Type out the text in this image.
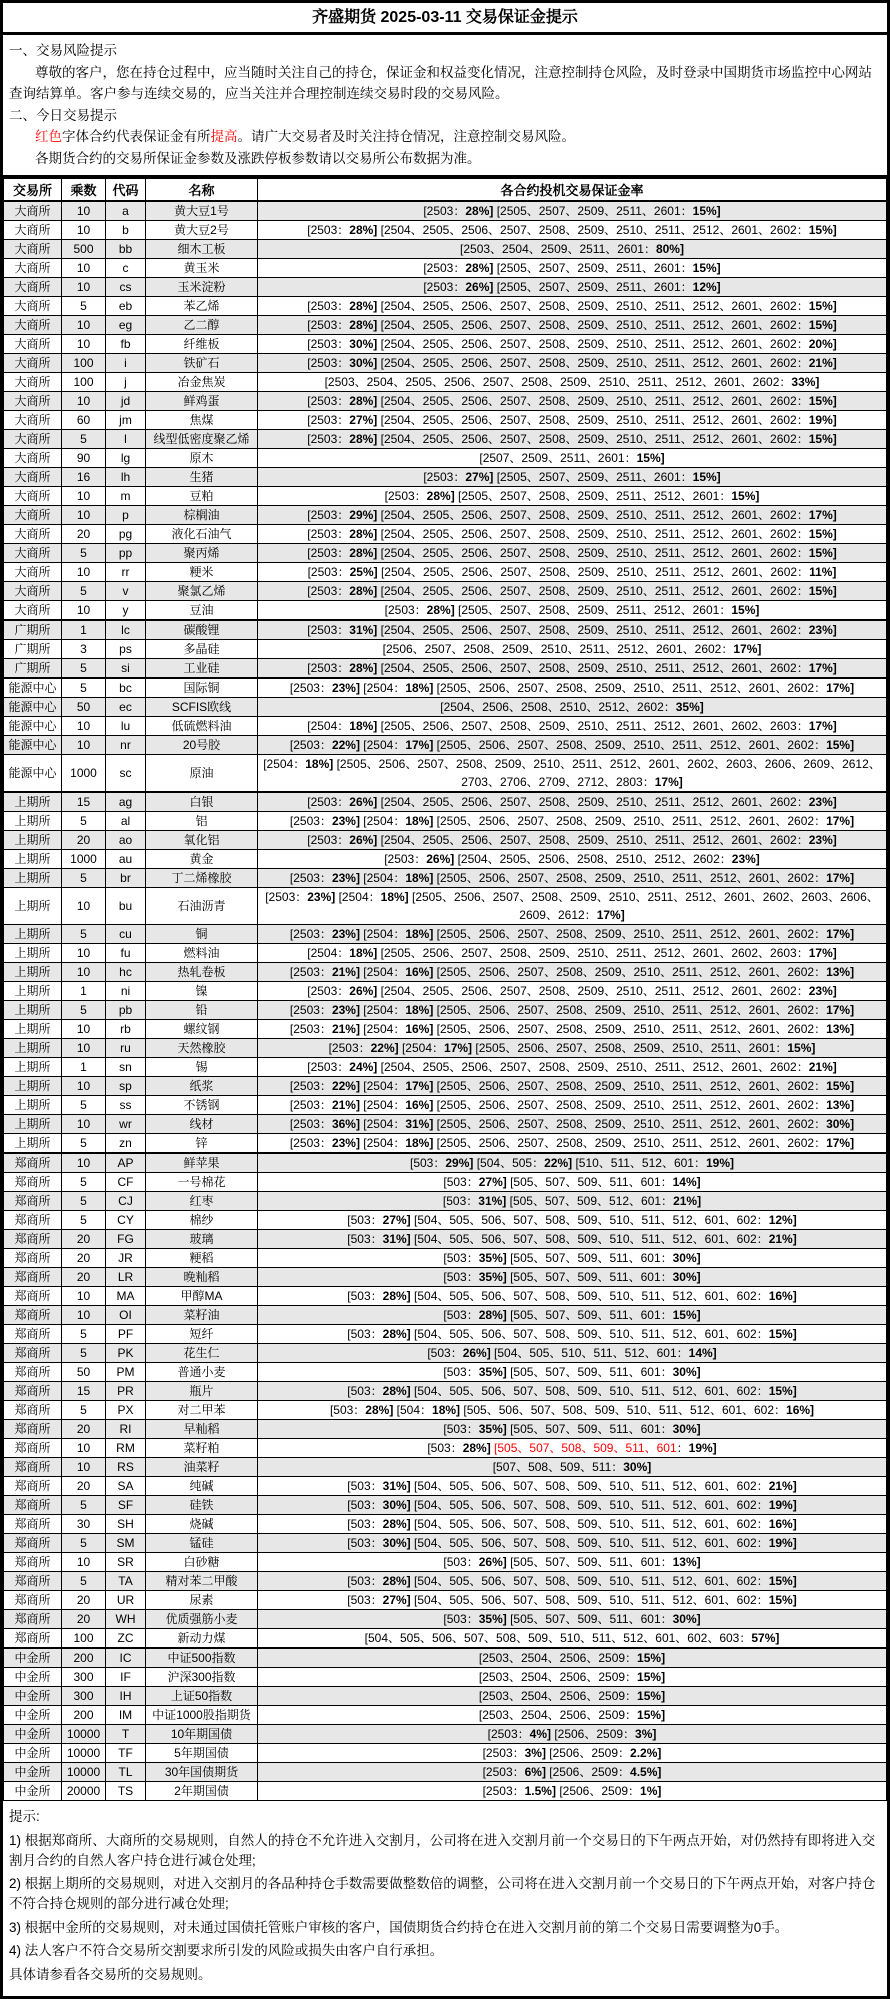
齐盛期货 2025-03-11 交易保证金提示

一、交易风险提示

尊敬的客户，您在持仓过程中，应当随时关注自己的持仓，保证金和权益变化情况，注意控制持仓风险，及时登录中国期货市场监控中心网站查询结算单。客户参与连续交易的，应当关注并合理控制连续交易时段的交易风险。

二、今日交易提示

红色字体合约代表保证金有所提高。请广大交易者及时关注持仓情况，注意控制交易风险。

各期货合约的交易所保证金参数及涨跌停板参数请以交易所公布数据为准。

交易所	乘数	代码	名称	各合约投机交易保证金率
大商所	10	a	黄大豆1号	[2503：28%] [2505、2507、2509、2511、2601：15%]
大商所	10	b	黄大豆2号	[2503：28%] [2504、2505、2506、2507、2508、2509、2510、2511、2512、2601、2602：15%]
大商所	500	bb	细木工板	[2503、2504、2509、2511、2601：80%]
大商所	10	c	黄玉米	[2503：28%] [2505、2507、2509、2511、2601：15%]
大商所	10	cs	玉米淀粉	[2503：26%] [2505、2507、2509、2511、2601：12%]
大商所	5	eb	苯乙烯	[2503：28%] [2504、2505、2506、2507、2508、2509、2510、2511、2512、2601、2602：15%]
大商所	10	eg	乙二醇	[2503：28%] [2504、2505、2506、2507、2508、2509、2510、2511、2512、2601、2602：15%]
大商所	10	fb	纤维板	[2503：30%] [2504、2505、2506、2507、2508、2509、2510、2511、2512、2601、2602：20%]
大商所	100	i	铁矿石	[2503：30%] [2504、2505、2506、2507、2508、2509、2510、2511、2512、2601、2602：21%]
大商所	100	j	冶金焦炭	[2503、2504、2505、2506、2507、2508、2509、2510、2511、2512、2601、2602：33%]
大商所	10	jd	鲜鸡蛋	[2503：28%] [2504、2505、2506、2507、2508、2509、2510、2511、2512、2601、2602：15%]
大商所	60	jm	焦煤	[2503：27%] [2504、2505、2506、2507、2508、2509、2510、2511、2512、2601、2602：19%]
大商所	5	l	线型低密度聚乙烯	[2503：28%] [2504、2505、2506、2507、2508、2509、2510、2511、2512、2601、2602：15%]
大商所	90	lg	原木	[2507、2509、2511、2601：15%]
大商所	16	lh	生猪	[2503：27%] [2505、2507、2509、2511、2601：15%]
大商所	10	m	豆粕	[2503：28%] [2505、2507、2508、2509、2511、2512、2601：15%]
大商所	10	p	棕榈油	[2503：29%] [2504、2505、2506、2507、2508、2509、2510、2511、2512、2601、2602：17%]
大商所	20	pg	液化石油气	[2503：28%] [2504、2505、2506、2507、2508、2509、2510、2511、2512、2601、2602：15%]
大商所	5	pp	聚丙烯	[2503：28%] [2504、2505、2506、2507、2508、2509、2510、2511、2512、2601、2602：15%]
大商所	10	rr	粳米	[2503：25%] [2504、2505、2506、2507、2508、2509、2510、2511、2512、2601、2602：11%]
大商所	5	v	聚氯乙烯	[2503：28%] [2504、2505、2506、2507、2508、2509、2510、2511、2512、2601、2602：15%]
大商所	10	y	豆油	[2503：28%] [2505、2507、2508、2509、2511、2512、2601：15%]
广期所	1	lc	碳酸锂	[2503：31%] [2504、2505、2506、2507、2508、2509、2510、2511、2512、2601、2602：23%]
广期所	3	ps	多晶硅	[2506、2507、2508、2509、2510、2511、2512、2601、2602：17%]
广期所	5	si	工业硅	[2503：28%] [2504、2505、2506、2507、2508、2509、2510、2511、2512、2601、2602：17%]
能源中心	5	bc	国际铜	[2503：23%] [2504：18%] [2505、2506、2507、2508、2509、2510、2511、2512、2601、2602：17%]
能源中心	50	ec	SCFIS欧线	[2504、2506、2508、2510、2512、2602：35%]
能源中心	10	lu	低硫燃料油	[2504：18%] [2505、2506、2507、2508、2509、2510、2511、2512、2601、2602、2603：17%]
能源中心	10	nr	20号胶	[2503：22%] [2504：17%] [2505、2506、2507、2508、2509、2510、2511、2512、2601、2602：15%]
能源中心	1000	sc	原油	[2504：18%] [2505、2506、2507、2508、2509、2510、2511、2512、2601、2602、2603、2606、2609、2612、2703、2706、2709、2712、2803：17%]
上期所	15	ag	白银	[2503：26%] [2504、2505、2506、2507、2508、2509、2510、2511、2512、2601、2602：23%]
上期所	5	al	铝	[2503：23%] [2504：18%] [2505、2506、2507、2508、2509、2510、2511、2512、2601、2602：17%]
上期所	20	ao	氧化铝	[2503：26%] [2504、2505、2506、2507、2508、2509、2510、2511、2512、2601、2602：23%]
上期所	1000	au	黄金	[2503：26%] [2504、2505、2506、2508、2510、2512、2602：23%]
上期所	5	br	丁二烯橡胶	[2503：23%] [2504：18%] [2505、2506、2507、2508、2509、2510、2511、2512、2601、2602：17%]
上期所	10	bu	石油沥青	[2503：23%] [2504：18%] [2505、2506、2507、2508、2509、2510、2511、2512、2601、2602、2603、2606、2609、2612：17%]
上期所	5	cu	铜	[2503：23%] [2504：18%] [2505、2506、2507、2508、2509、2510、2511、2512、2601、2602：17%]
上期所	10	fu	燃料油	[2504：18%] [2505、2506、2507、2508、2509、2510、2511、2512、2601、2602、2603：17%]
上期所	10	hc	热轧卷板	[2503：21%] [2504：16%] [2505、2506、2507、2508、2509、2510、2511、2512、2601、2602：13%]
上期所	1	ni	镍	[2503：26%] [2504、2505、2506、2507、2508、2509、2510、2511、2512、2601、2602：23%]
上期所	5	pb	铅	[2503：23%] [2504：18%] [2505、2506、2507、2508、2509、2510、2511、2512、2601、2602：17%]
上期所	10	rb	螺纹钢	[2503：21%] [2504：16%] [2505、2506、2507、2508、2509、2510、2511、2512、2601、2602：13%]
上期所	10	ru	天然橡胶	[2503：22%] [2504：17%] [2505、2506、2507、2508、2509、2510、2511、2601：15%]
上期所	1	sn	锡	[2503：24%] [2504、2505、2506、2507、2508、2509、2510、2511、2512、2601、2602：21%]
上期所	10	sp	纸浆	[2503：22%] [2504：17%] [2505、2506、2507、2508、2509、2510、2511、2512、2601、2602：15%]
上期所	5	ss	不锈钢	[2503：21%] [2504：16%] [2505、2506、2507、2508、2509、2510、2511、2512、2601、2602：13%]
上期所	10	wr	线材	[2503：36%] [2504：31%] [2505、2506、2507、2508、2509、2510、2511、2512、2601、2602：30%]
上期所	5	zn	锌	[2503：23%] [2504：18%] [2505、2506、2507、2508、2509、2510、2511、2512、2601、2602：17%]
郑商所	10	AP	鲜苹果	[503：29%] [504、505：22%] [510、511、512、601：19%]
郑商所	5	CF	一号棉花	[503：27%] [505、507、509、511、601：14%]
郑商所	5	CJ	红枣	[503：31%] [505、507、509、512、601：21%]
郑商所	5	CY	棉纱	[503：27%] [504、505、506、507、508、509、510、511、512、601、602：12%]
郑商所	20	FG	玻璃	[503：31%] [504、505、506、507、508、509、510、511、512、601、602：21%]
郑商所	20	JR	粳稻	[503：35%] [505、507、509、511、601：30%]
郑商所	20	LR	晚籼稻	[503：35%] [505、507、509、511、601：30%]
郑商所	10	MA	甲醇MA	[503：28%] [504、505、506、507、508、509、510、511、512、601、602：16%]
郑商所	10	OI	菜籽油	[503：28%] [505、507、509、511、601：15%]
郑商所	5	PF	短纤	[503：28%] [504、505、506、507、508、509、510、511、512、601、602：15%]
郑商所	5	PK	花生仁	[503：26%] [504、505、510、511、512、601：14%]
郑商所	50	PM	普通小麦	[503：35%] [505、507、509、511、601：30%]
郑商所	15	PR	瓶片	[503：28%] [504、505、506、507、508、509、510、511、512、601、602：15%]
郑商所	5	PX	对二甲苯	[503：28%] [504：18%] [505、506、507、508、509、510、511、512、601、602：16%]
郑商所	20	RI	早籼稻	[503：35%] [505、507、509、511、601：30%]
郑商所	10	RM	菜籽粕	[503：28%] [505、507、508、509、511、601：19%]
郑商所	10	RS	油菜籽	[507、508、509、511：30%]
郑商所	20	SA	纯碱	[503：31%] [504、505、506、507、508、509、510、511、512、601、602：21%]
郑商所	5	SF	硅铁	[503：30%] [504、505、506、507、508、509、510、511、512、601、602：19%]
郑商所	30	SH	烧碱	[503：28%] [504、505、506、507、508、509、510、511、512、601、602：16%]
郑商所	5	SM	锰硅	[503：30%] [504、505、506、507、508、509、510、511、512、601、602：19%]
郑商所	10	SR	白砂糖	[503：26%] [505、507、509、511、601：13%]
郑商所	5	TA	精对苯二甲酸	[503：28%] [504、505、506、507、508、509、510、511、512、601、602：15%]
郑商所	20	UR	尿素	[503：27%] [504、505、506、507、508、509、510、511、512、601、602：15%]
郑商所	20	WH	优质强筋小麦	[503：35%] [505、507、509、511、601：30%]
郑商所	100	ZC	新动力煤	[504、505、506、507、508、509、510、511、512、601、602、603：57%]
中金所	200	IC	中证500指数	[2503、2504、2506、2509：15%]
中金所	300	IF	沪深300指数	[2503、2504、2506、2509：15%]
中金所	300	IH	上证50指数	[2503、2504、2506、2509：15%]
中金所	200	IM	中证1000股指期货	[2503、2504、2506、2509：15%]
中金所	10000	T	10年期国债	[2503：4%] [2506、2509：3%]
中金所	10000	TF	5年期国债	[2503：3%] [2506、2509：2.2%]
中金所	10000	TL	30年国债期货	[2503：6%] [2506、2509：4.5%]
中金所	20000	TS	2年期国债	[2503：1.5%] [2506、2509：1%]

提示:

1) 根据郑商所、大商所的交易规则，自然人的持仓不允许进入交割月，公司将在进入交割月前一个交易日的下午两点开始，对仍然持有即将进入交割月合约的自然人客户持仓进行减仓处理;

2) 根据上期所的交易规则，对进入交割月的各品种持仓手数需要做整数倍的调整，公司将在进入交割月前一个交易日的下午两点开始，对客户持仓不符合持仓规则的部分进行减仓处理;

3) 根据中金所的交易规则，对未通过国债托管账户审核的客户，国债期货合约持仓在进入交割月前的第二个交易日需要调整为0手。

4) 法人客户不符合交易所交割要求所引发的风险或损失由客户自行承担。

具体请参看各交易所的交易规则。
